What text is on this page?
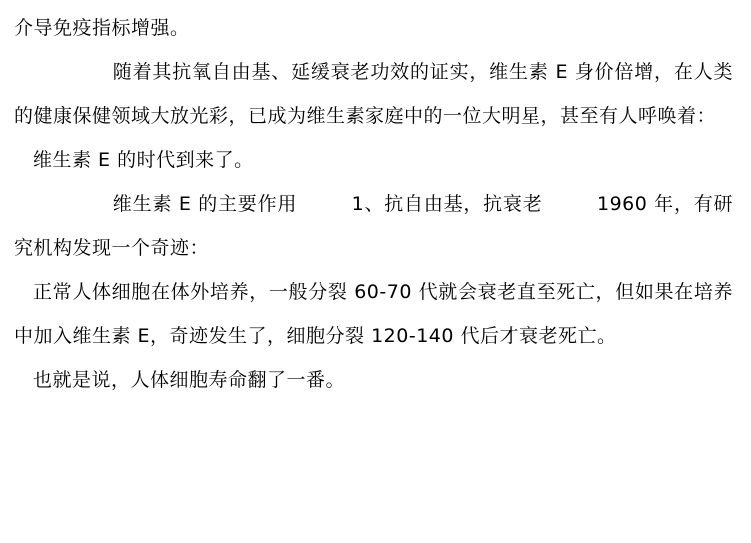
介导免疫指标增强。

随着其抗氧自由基、延缓衰老功效的证实，维生素 E 身价倍增，在人类的健康保健领域大放光彩，已成为维生素家庭中的一位大明星，甚至有人呼唤着：

维生素 E 的时代到来了。

维生素 E 的主要作用        1、抗自由基，抗衰老        1960 年，有研究机构发现一个奇迹：

正常人体细胞在体外培养，一般分裂 60-70 代就会衰老直至死亡，但如果在培养中加入维生素 E，奇迹发生了，细胞分裂 120-140 代后才衰老死亡。

也就是说，人体细胞寿命翻了一番。
